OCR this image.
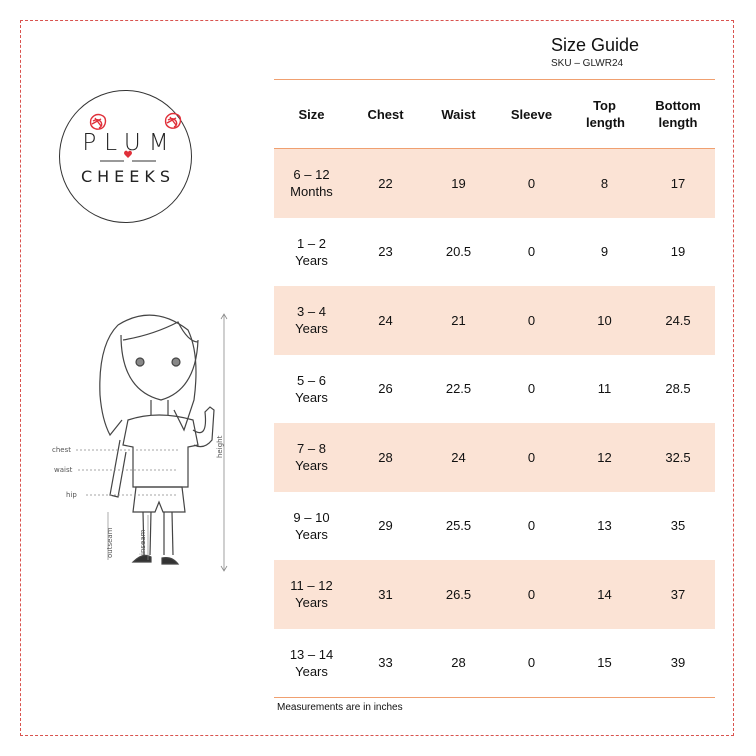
Size Guide
SKU – GLWR24
PLUM
CHEEKS
chest
waist
hip
outseam	inseam
height
Size	Chest	Waist	Sleeve	Top length	Bottom length
6 – 12 Months	22	19	0	8	17
1 – 2 Years	23	20.5	0	9	19
3 – 4 Years	24	21	0	10	24.5
5 – 6 Years	26	22.5	0	11	28.5
7 – 8 Years	28	24	0	12	32.5
9 – 10 Years	29	25.5	0	13	35
11 – 12 Years	31	26.5	0	14	37
13 – 14 Years	33	28	0	15	39
Measurements are in inches
